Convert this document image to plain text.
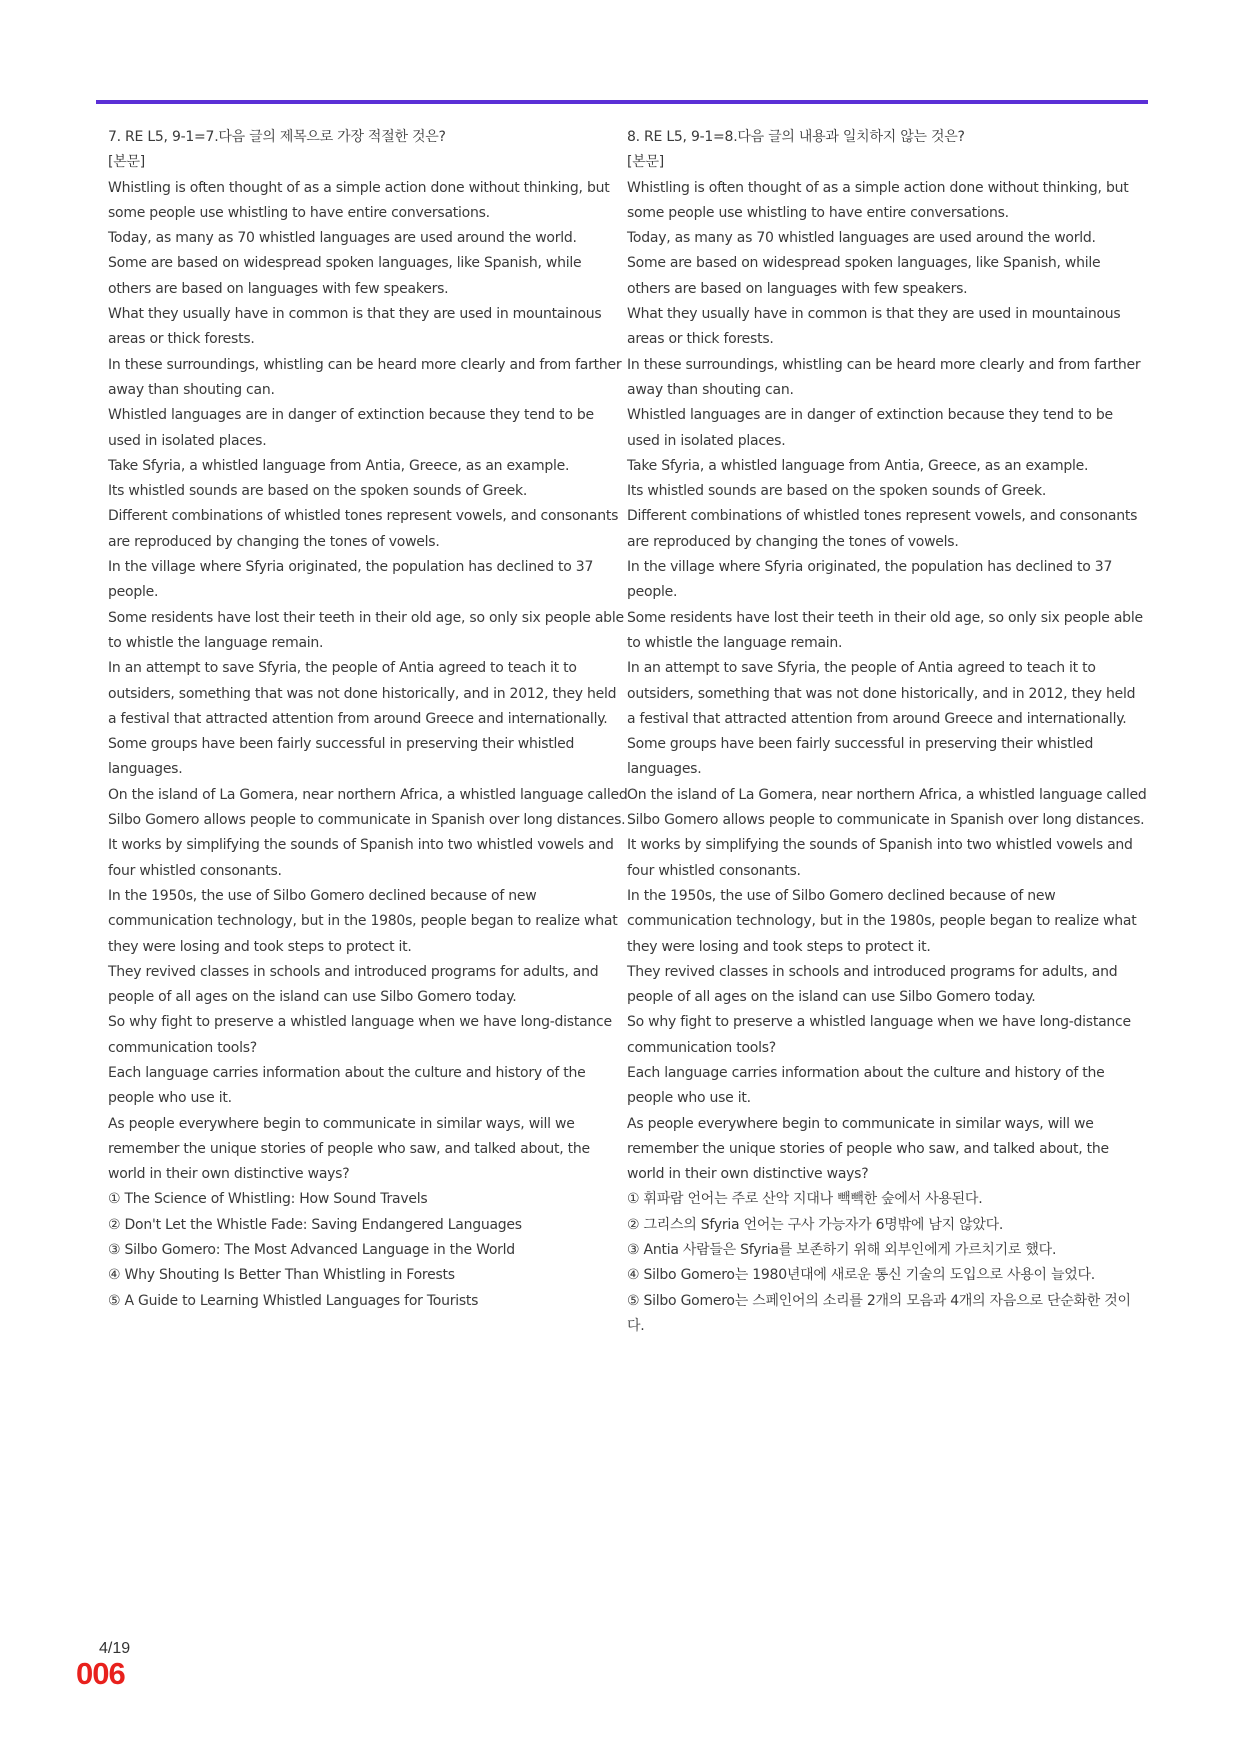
7. RE L5, 9-1=7.다음 글의 제목으로 가장 적절한 것은?

[본문]

Whistling is often thought of as a simple action done without thinking, but some people use whistling to have entire conversations.

Today, as many as 70 whistled languages are used around the world.

Some are based on widespread spoken languages, like Spanish, while others are based on languages with few speakers.

What they usually have in common is that they are used in mountainous areas or thick forests.

In these surroundings, whistling can be heard more clearly and from farther away than shouting can.

Whistled languages are in danger of extinction because they tend to be used in isolated places.

Take Sfyria, a whistled language from Antia, Greece, as an example.

Its whistled sounds are based on the spoken sounds of Greek.

Different combinations of whistled tones represent vowels, and consonants are reproduced by changing the tones of vowels.

In the village where Sfyria originated, the population has declined to 37 people.

Some residents have lost their teeth in their old age, so only six people able to whistle the language remain.

In an attempt to save Sfyria, the people of Antia agreed to teach it to outsiders, something that was not done historically, and in 2012, they held a festival that attracted attention from around Greece and internationally.

Some groups have been fairly successful in preserving their whistled languages.

On the island of La Gomera, near northern Africa, a whistled language called Silbo Gomero allows people to communicate in Spanish over long distances.

It works by simplifying the sounds of Spanish into two whistled vowels and four whistled consonants.

In the 1950s, the use of Silbo Gomero declined because of new communication technology, but in the 1980s, people began to realize what they were losing and took steps to protect it.

They revived classes in schools and introduced programs for adults, and people of all ages on the island can use Silbo Gomero today.

So why fight to preserve a whistled language when we have long-distance communication tools?

Each language carries information about the culture and history of the people who use it.

As people everywhere begin to communicate in similar ways, will we remember the unique stories of people who saw, and talked about, the world in their own distinctive ways?

① The Science of Whistling: How Sound Travels

② Don't Let the Whistle Fade: Saving Endangered Languages

③ Silbo Gomero: The Most Advanced Language in the World

④ Why Shouting Is Better Than Whistling in Forests

⑤ A Guide to Learning Whistled Languages for Tourists

8. RE L5, 9-1=8.다음 글의 내용과 일치하지 않는 것은?

[본문]

Whistling is often thought of as a simple action done without thinking, but some people use whistling to have entire conversations.

Today, as many as 70 whistled languages are used around the world.

Some are based on widespread spoken languages, like Spanish, while others are based on languages with few speakers.

What they usually have in common is that they are used in mountainous areas or thick forests.

In these surroundings, whistling can be heard more clearly and from farther away than shouting can.

Whistled languages are in danger of extinction because they tend to be used in isolated places.

Take Sfyria, a whistled language from Antia, Greece, as an example.

Its whistled sounds are based on the spoken sounds of Greek.

Different combinations of whistled tones represent vowels, and consonants are reproduced by changing the tones of vowels.

In the village where Sfyria originated, the population has declined to 37 people.

Some residents have lost their teeth in their old age, so only six people able to whistle the language remain.

In an attempt to save Sfyria, the people of Antia agreed to teach it to outsiders, something that was not done historically, and in 2012, they held a festival that attracted attention from around Greece and internationally.

Some groups have been fairly successful in preserving their whistled languages.

On the island of La Gomera, near northern Africa, a whistled language called Silbo Gomero allows people to communicate in Spanish over long distances.

It works by simplifying the sounds of Spanish into two whistled vowels and four whistled consonants.

In the 1950s, the use of Silbo Gomero declined because of new communication technology, but in the 1980s, people began to realize what they were losing and took steps to protect it.

They revived classes in schools and introduced programs for adults, and people of all ages on the island can use Silbo Gomero today.

So why fight to preserve a whistled language when we have long-distance communication tools?

Each language carries information about the culture and history of the people who use it.

As people everywhere begin to communicate in similar ways, will we remember the unique stories of people who saw, and talked about, the world in their own distinctive ways?

① 휘파람 언어는 주로 산악 지대나 빽빽한 숲에서 사용된다.

② 그리스의 Sfyria 언어는 구사 가능자가 6명밖에 남지 않았다.

③ Antia 사람들은 Sfyria를 보존하기 위해 외부인에게 가르치기로 했다.

④ Silbo Gomero는 1980년대에 새로운 통신 기술의 도입으로 사용이 늘었다.

⑤ Silbo Gomero는 스페인어의 소리를 2개의 모음과 4개의 자음으로 단순화한 것이다.

4/19
006
